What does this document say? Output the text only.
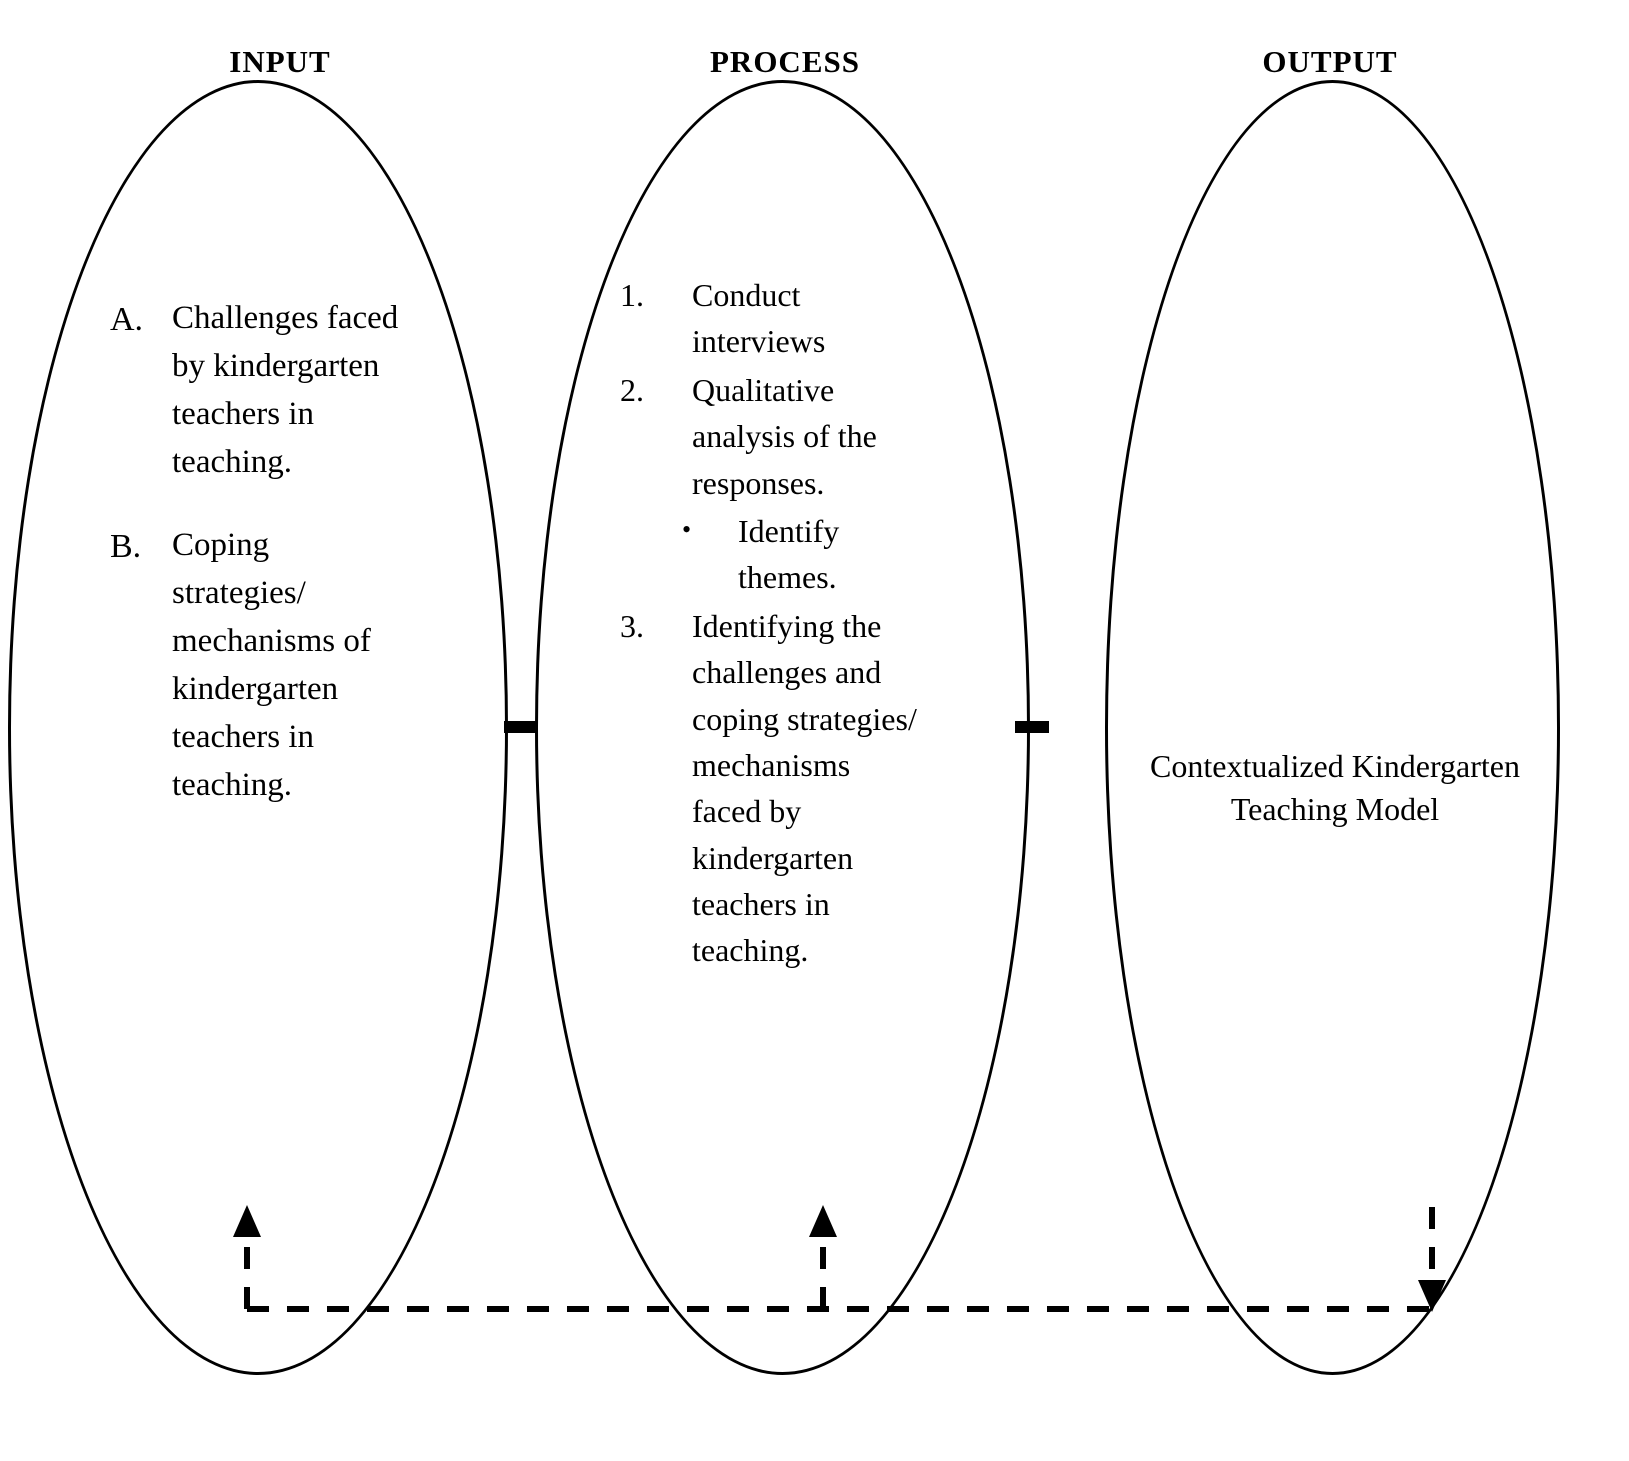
INPUT	PROCESS	OUTPUT
A. Challenges faced by kindergarten teachers in teaching.
B. Coping strategies/ mechanisms of kindergarten teachers in teaching.
1.	Conduct interviews
2.	Qualitative analysis of the responses.
•	Identify themes.
3.	Identifying the challenges and coping strategies/ mechanisms faced by kindergarten teachers in teaching.
Contextualized Kindergarten Teaching Model
